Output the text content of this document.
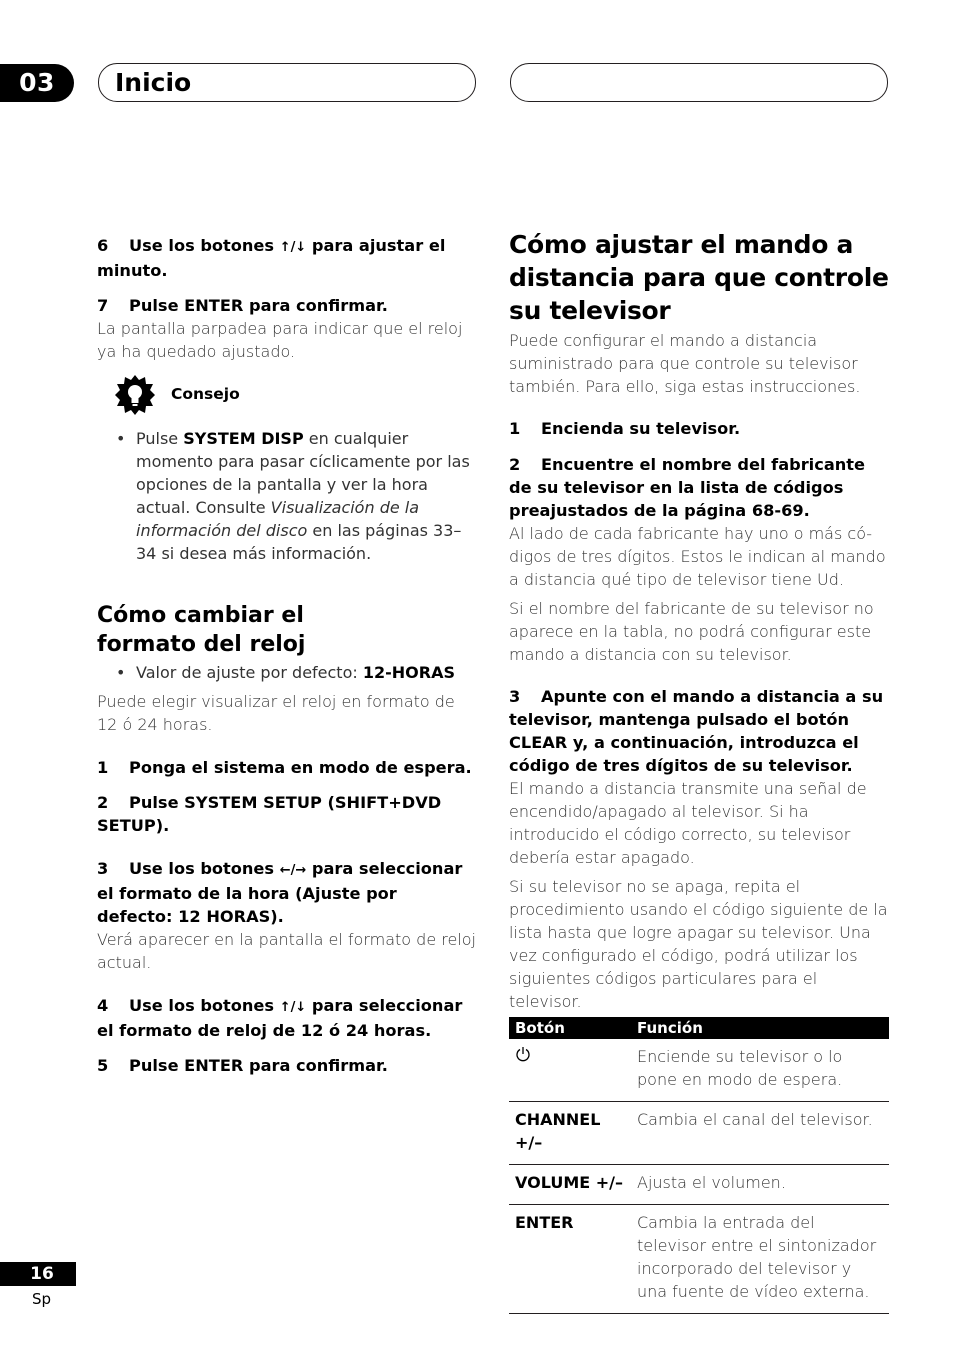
03	Inicio

6 Use los botones ↑/↓ para ajustar el minuto.

7 Pulse ENTER para confirmar.

La pantalla parpadea para indicar que el reloj ya ha quedado ajustado.

Consejo
• Pulse SYSTEM DISP en cualquier momento para pasar cíclicamente por las opciones de la pantalla y ver la hora actual. Consulte Visualización de la información del disco en las páginas 33–34 si desea más información.
Cómo cambiar el formato del reloj
• Valor de ajuste por defecto: 12-HORAS

Puede elegir visualizar el reloj en formato de 12 ó 24 horas.

1 Ponga el sistema en modo de espera.

2 Pulse SYSTEM SETUP (SHIFT+DVD SETUP).

3 Use los botones ←/→ para seleccionar el formato de la hora (Ajuste por defecto: 12 HORAS).

Verá aparecer en la pantalla el formato de reloj actual.

4 Use los botones ↑/↓ para seleccionar el formato de reloj de 12 ó 24 horas.

5 Pulse ENTER para confirmar.

Cómo ajustar el mando a distancia para que controle su televisor

Puede configurar el mando a distancia suministrado para que controle su televisor también. Para ello, siga estas instrucciones.

1 Encienda su televisor.

2 Encuentre el nombre del fabricante de su televisor en la lista de códigos preajustados de la página 68-69.

Al lado de cada fabricante hay uno o más có-digos de tres dígitos. Estos le indican al mando a distancia qué tipo de televisor tiene Ud.

Si el nombre del fabricante de su televisor no aparece en la tabla, no podrá configurar este mando a distancia con su televisor.

3 Apunte con el mando a distancia a su televisor, mantenga pulsado el botón CLEAR y, a continuación, introduzca el código de tres dígitos de su televisor.

El mando a distancia transmite una señal de encendido/apagado al televisor. Si ha introducido el código correcto, su televisor debería estar apagado.

Si su televisor no se apaga, repita el procedimiento usando el código siguiente de la lista hasta que logre apagar su televisor. Una vez configurado el código, podrá utilizar los siguientes códigos particulares para el televisor.

Botón	Función
	Enciende su televisor o lo pone en modo de espera.
CHANNEL +/–	Cambia el canal del televisor.
VOLUME +/–	Ajusta el volumen.
ENTER	Cambia la entrada del televisor entre el sintonizador incorporado del televisor y una fuente de vídeo externa.
16
Sp
